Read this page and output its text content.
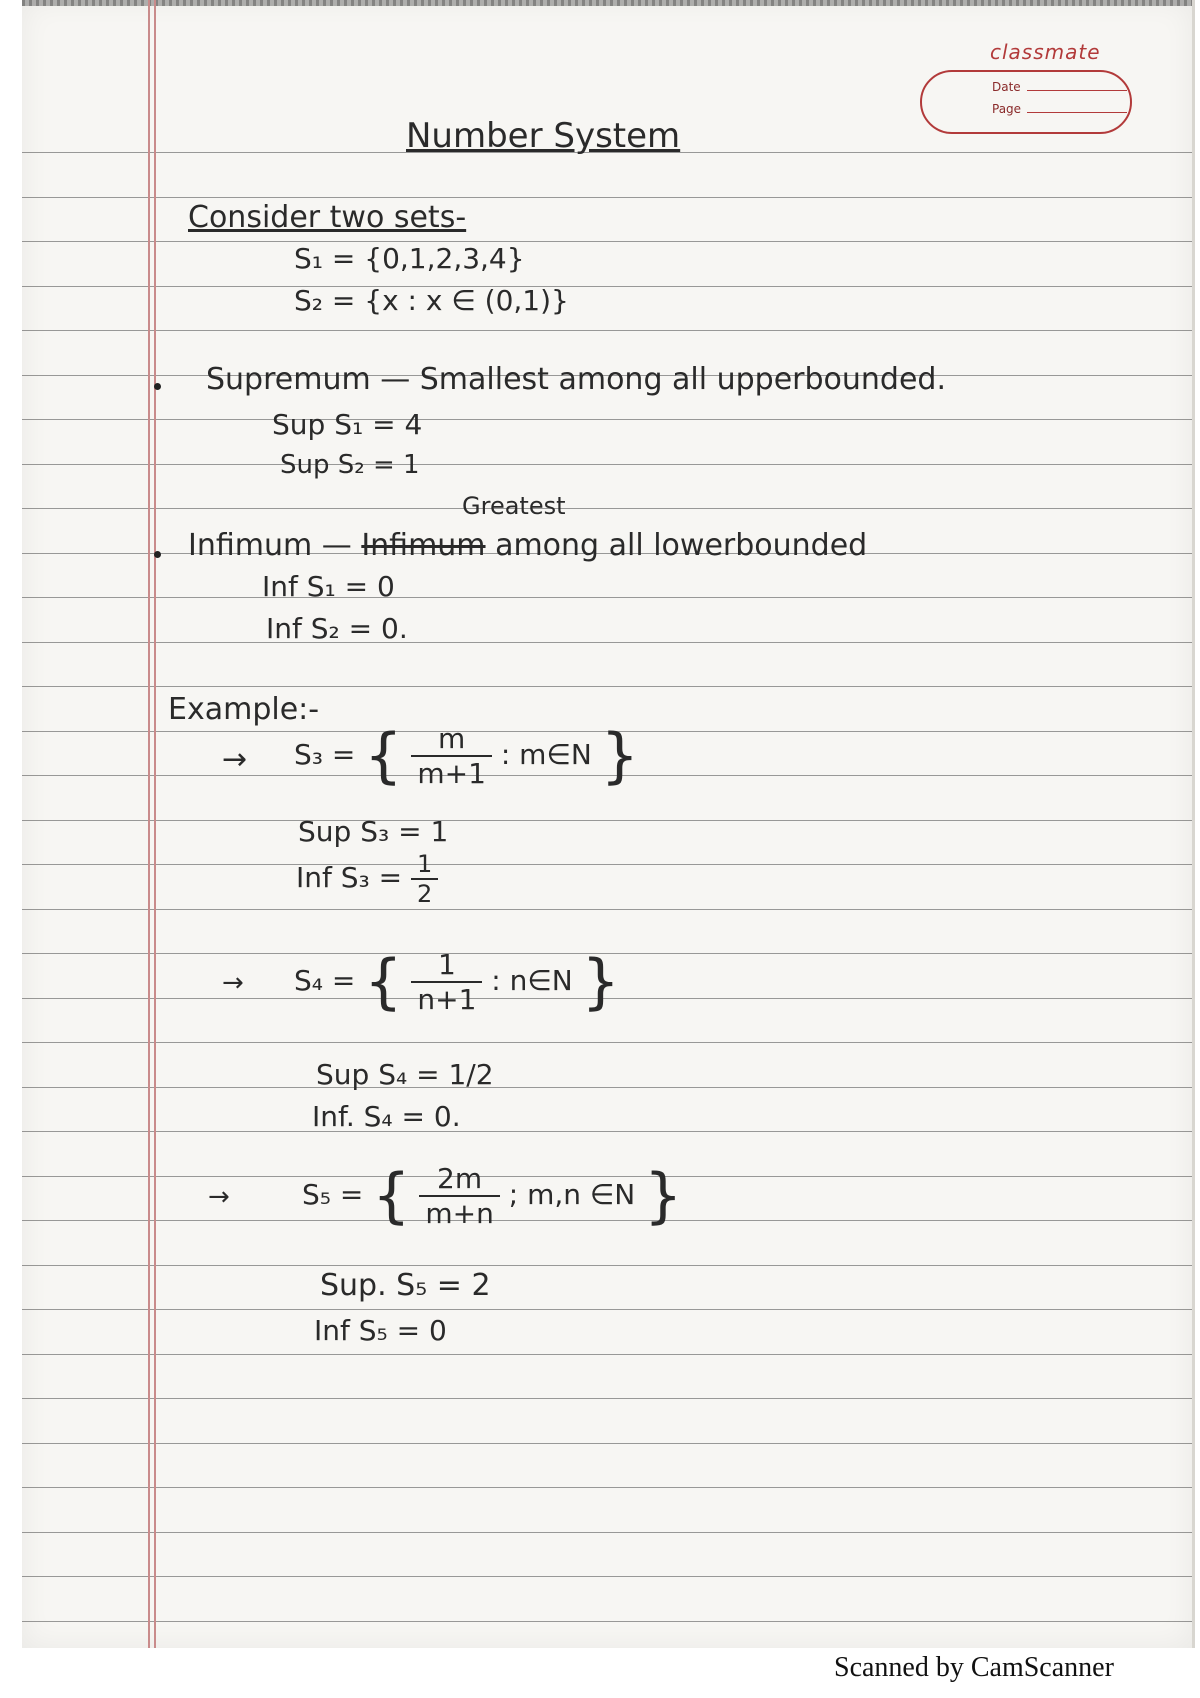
classmate
Date
Page
Number System

Consider two sets-

S₁ = {0,1,2,3,4}

S₂ = {x : x ∈ (0,1)}

Supremum — Smallest among all upperbounded.

Sup S₁ = 4

Sup S₂ = 1

Greatest

Infimum — Infimum among all lowerbounded

Inf S₁ = 0

Inf S₂ = 0.

Example:-

→ S₃ = { $\frac{m}{m+1}$ : m∈N }

Sup S₃ = 1

Inf $S_3 = \frac{1}{2}$

→ S₄ = { $\frac{1}{n+1}$ : n∈N }

Sup S₄ = 1/2

Inf. S₄ = 0.

→	S₅ = { $\frac{2m}{m+n}$ ; m,n ∈N }

Sup. S₅ = 2

Inf S₅ = 0

Scanned by CamScanner
